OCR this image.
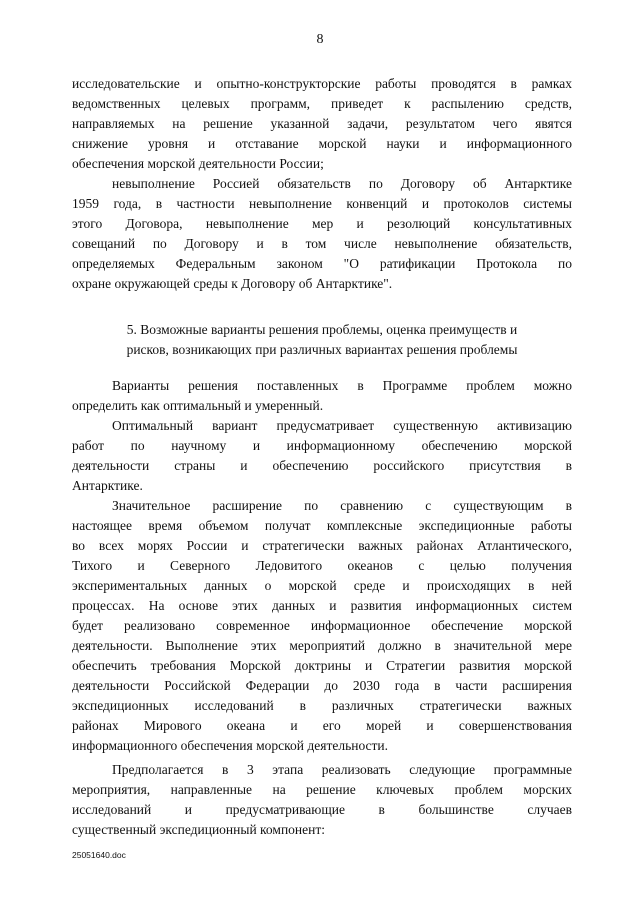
8
исследовательские и опытно-конструкторские работы проводятся в рамках
ведомственных целевых программ, приведет к распылению средств,
направляемых на решение указанной задачи, результатом чего явятся
снижение уровня и отставание морской науки и информационного
обеспечения морской деятельности России;
невыполнение Россией обязательств по Договору об Антарктике
1959 года, в частности невыполнение конвенций и протоколов системы
этого Договора, невыполнение мер и резолюций консультативных
совещаний по Договору и в том числе невыполнение обязательств,
определяемых Федеральным законом "О ратификации Протокола по
охране окружающей среды к Договору об Антарктике".
5. Возможные варианты решения проблемы, оценка преимуществ и
рисков, возникающих при различных вариантах решения проблемы
Варианты решения поставленных в Программе проблем можно
определить как оптимальный и умеренный.
Оптимальный вариант предусматривает существенную активизацию
работ по научному и информационному обеспечению морской
деятельности страны и обеспечению российского присутствия в
Антарктике.
Значительное расширение по сравнению с существующим в
настоящее время объемом получат комплексные экспедиционные работы
во всех морях России и стратегически важных районах Атлантического,
Тихого и Северного Ледовитого океанов с целью получения
экспериментальных данных о морской среде и происходящих в ней
процессах. На основе этих данных и развития информационных систем
будет реализовано современное информационное обеспечение морской
деятельности. Выполнение этих мероприятий должно в значительной мере
обеспечить требования Морской доктрины и Стратегии развития морской
деятельности Российской Федерации до 2030 года в части расширения
экспедиционных исследований в различных стратегически важных
районах Мирового океана и его морей и совершенствования
информационного обеспечения морской деятельности.
Предполагается в 3 этапа реализовать следующие программные
мероприятия, направленные на решение ключевых проблем морских
исследований и предусматривающие в большинстве случаев
существенный экспедиционный компонент:
25051640.doc
